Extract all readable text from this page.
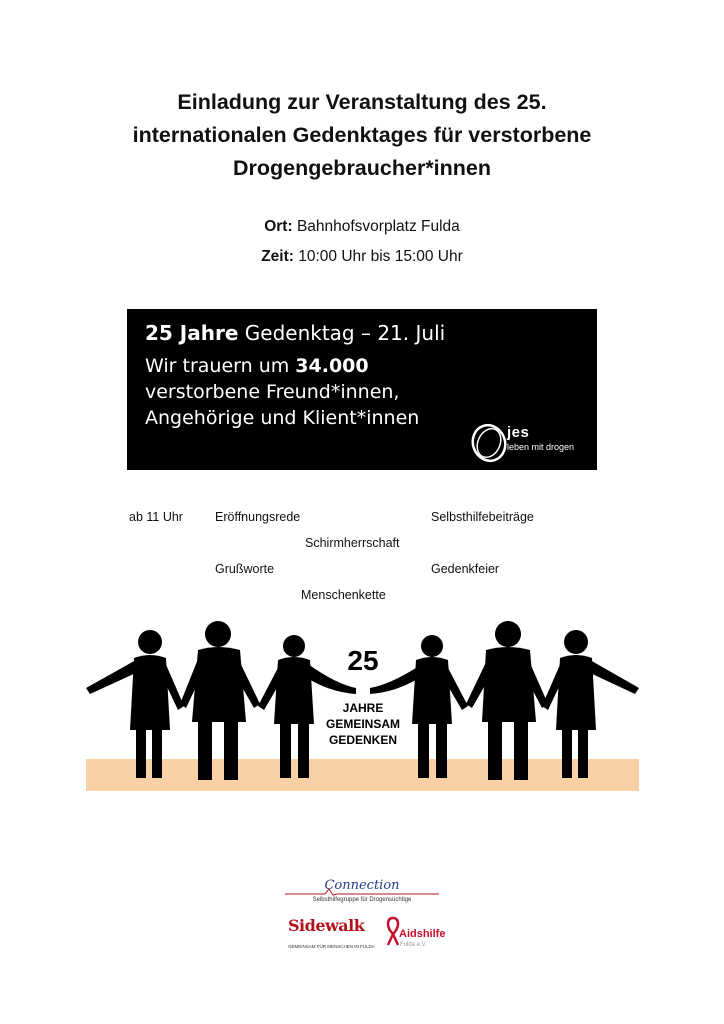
Einladung zur Veranstaltung des 25.
internationalen Gedenktages für verstorbene
Drogengebraucher*innen
Ort: Bahnhofsvorplatz Fulda
Zeit: 10:00 Uhr bis 15:00 Uhr
25 Jahre Gedenktag – 21. Juli
Wir trauern um 34.000
verstorbene Freund*innen,
Angehörige und Klient*innen
jes
leben mit drogen
ab 11 Uhr	Eröffnungsrede
Schirmherrschaft
Grußworte
Menschenkette
Selbsthilfebeiträge
Gedenkfeier
25
JAHRE
GEMEINSAM
GEDENKEN
Connection
Selbsthilfegruppe für Drogensüchtige
Sidewalk
GEMEINSAM FÜR MENSCHEN IN FULDA
Aidshilfe
Fulda e.V.
